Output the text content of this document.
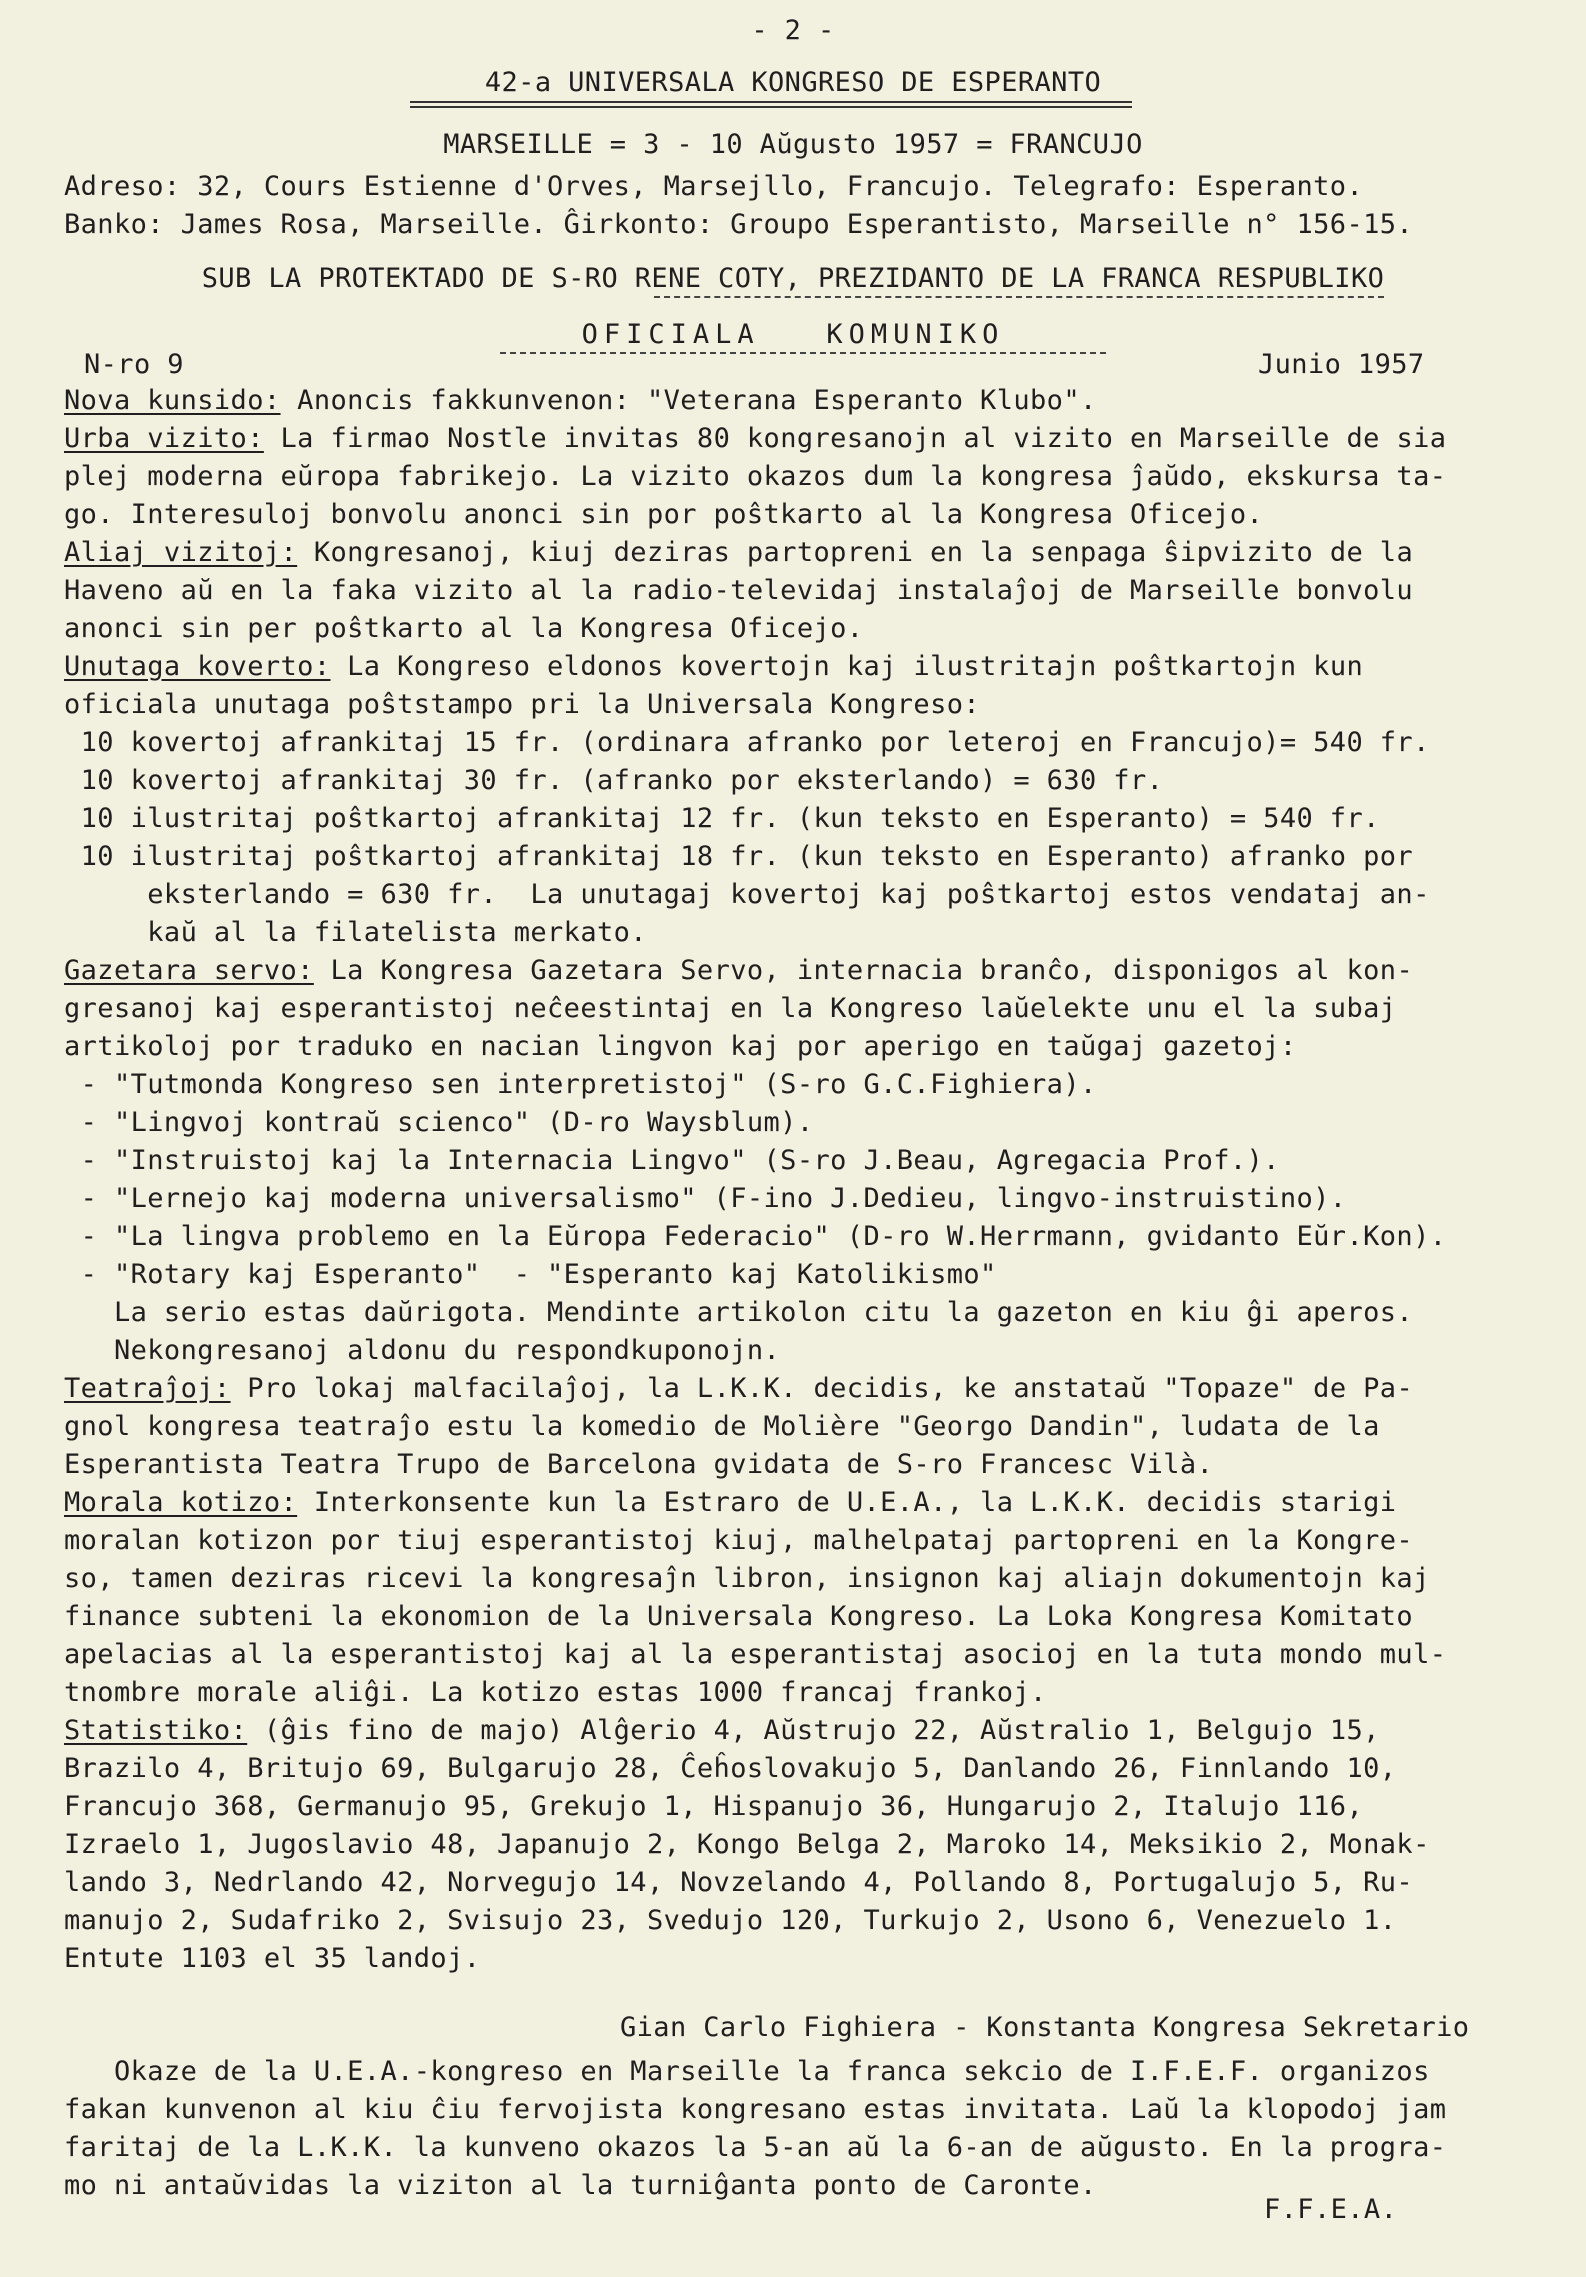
- 2 -
42-a UNIVERSALA KONGRESO DE ESPERANTO
MARSEILLE = 3 - 10 Aŭgusto 1957 = FRANCUJO
Adreso: 32, Cours Estienne d'Orves, Marsejllo, Francujo. Telegrafo: Esperanto.
Banko: James Rosa, Marseille. Ĝirkonto: Groupo Esperantisto, Marseille n° 156-15.
SUB LA PROTEKTADO DE S-RO RENE COTY, PREZIDANTO DE LA FRANCA RESPUBLIKO
OFICIALA   KOMUNIKO
N-ro 9	Junio 1957
Nova kunsido: Anoncis fakkunvenon: "Veterana Esperanto Klubo".
Urba vizito: La firmao Nostle invitas 80 kongresanojn al vizito en Marseille de sia
plej moderna eŭropa fabrikejo. La vizito okazos dum la kongresa ĵaŭdo, ekskursa ta-
go. Interesuloj bonvolu anonci sin por poŝtkarto al la Kongresa Oficejo.
Aliaj vizitoj: Kongresanoj, kiuj deziras partopreni en la senpaga ŝipvizito de la
Haveno aŭ en la faka vizito al la radio-televidaj instalaĵoj de Marseille bonvolu
anonci sin per poŝtkarto al la Kongresa Oficejo.
Unutaga koverto: La Kongreso eldonos kovertojn kaj ilustritajn poŝtkartojn kun
oficiala unutaga poŝtstampo pri la Universala Kongreso:
10 kovertoj afrankitaj 15 fr. (ordinara afranko por leteroj en Francujo)= 540 fr.
10 kovertoj afrankitaj 30 fr. (afranko por eksterlando) = 630 fr.
10 ilustritaj poŝtkartoj afrankitaj 12 fr. (kun teksto en Esperanto) = 540 fr.
10 ilustritaj poŝtkartoj afrankitaj 18 fr. (kun teksto en Esperanto) afranko por
eksterlando = 630 fr.  La unutagaj kovertoj kaj poŝtkartoj estos vendataj an-
kaŭ al la filatelista merkato.
Gazetara servo: La Kongresa Gazetara Servo, internacia branĉo, disponigos al kon-
gresanoj kaj esperantistoj neĉeestintaj en la Kongreso laŭelekte unu el la subaj
artikoloj por traduko en nacian lingvon kaj por aperigo en taŭgaj gazetoj:
- "Tutmonda Kongreso sen interpretistoj" (S-ro G.C.Fighiera).
- "Lingvoj kontraŭ scienco" (D-ro Waysblum).
- "Instruistoj kaj la Internacia Lingvo" (S-ro J.Beau, Agregacia Prof.).
- "Lernejo kaj moderna universalismo" (F-ino J.Dedieu, lingvo-instruistino).
- "La lingva problemo en la Eŭropa Federacio" (D-ro W.Herrmann, gvidanto Eŭr.Kon).
- "Rotary kaj Esperanto"  - "Esperanto kaj Katolikismo"
La serio estas daŭrigota. Mendinte artikolon citu la gazeton en kiu ĝi aperos.
Nekongresanoj aldonu du respondkuponojn.
Teatraĵoj: Pro lokaj malfacilaĵoj, la L.K.K. decidis, ke anstataŭ "Topaze" de Pa-
gnol kongresa teatraĵo estu la komedio de Molière "Georgo Dandin", ludata de la
Esperantista Teatra Trupo de Barcelona gvidata de S-ro Francesc Vilà.
Morala kotizo: Interkonsente kun la Estraro de U.E.A., la L.K.K. decidis starigi
moralan kotizon por tiuj esperantistoj kiuj, malhelpataj partopreni en la Kongre-
so, tamen deziras ricevi la kongresaĵn libron, insignon kaj aliajn dokumentojn kaj
finance subteni la ekonomion de la Universala Kongreso. La Loka Kongresa Komitato
apelacias al la esperantistoj kaj al la esperantistaj asocioj en la tuta mondo mul-
tnombre morale aliĝi. La kotizo estas 1000 francaj frankoj.
Statistiko: (ĝis fino de majo) Alĝerio 4, Aŭstrujo 22, Aŭstralio 1, Belgujo 15,
Brazilo 4, Britujo 69, Bulgarujo 28, Ĉeĥoslovakujo 5, Danlando 26, Finnlando 10,
Francujo 368, Germanujo 95, Grekujo 1, Hispanujo 36, Hungarujo 2, Italujo 116,
Izraelo 1, Jugoslavio 48, Japanujo 2, Kongo Belga 2, Maroko 14, Meksikio 2, Monak-
lando 3, Nedrlando 42, Norvegujo 14, Novzelando 4, Pollando 8, Portugalujo 5, Ru-
manujo 2, Sudafriko 2, Svisujo 23, Svedujo 120, Turkujo 2, Usono 6, Venezuelo 1.
Entute 1103 el 35 landoj.
Gian Carlo Fighiera - Konstanta Kongresa Sekretario
Okaze de la U.E.A.-kongreso en Marseille la franca sekcio de I.F.E.F. organizos
fakan kunvenon al kiu ĉiu fervojista kongresano estas invitata. Laŭ la klopodoj jam
faritaj de la L.K.K. la kunveno okazos la 5-an aŭ la 6-an de aŭgusto. En la progra-
mo ni antaŭvidas la viziton al la turniĝanta ponto de Caronte.
F.F.E.A.
